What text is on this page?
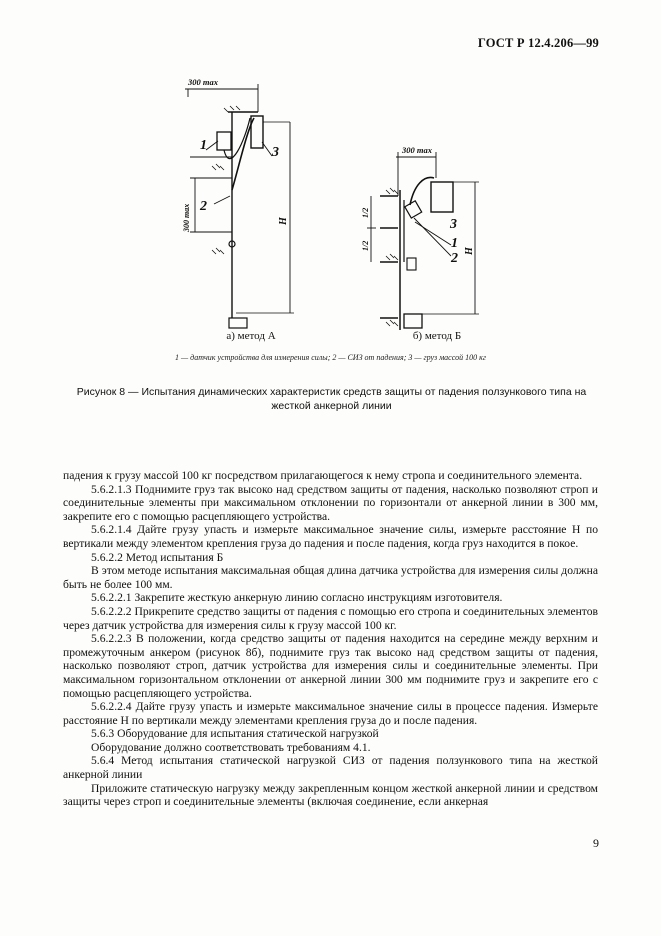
ГОСТ Р 12.4.206—99
300 max
300 max	H
1
2
3	300 max
1/2
1/2
H
3
1
2
а) метод А	б) метод Б
1 — датчик устройства для измерения силы; 2 — СИЗ от падения; 3 — груз массой 100 кг
Рисунок 8 — Испытания динамических характеристик средств защиты от падения ползункового типа на жесткой анкерной линии

падения к грузу массой 100 кг посредством прилагающегося к нему стропа и соединительного элемента.

5.6.2.1.3 Поднимите груз так высоко над средством защиты от падения, насколько позволяют строп и соединительные элементы при максимальном отклонении по горизонтали от анкерной линии в 300 мм, закрепите его с помощью расцепляющего устройства.

5.6.2.1.4 Дайте грузу упасть и измерьте максимальное значение силы, измерьте расстояние H по вертикали между элементом крепления груза до падения и после падения, когда груз находится в покое.

5.6.2.2 Метод испытания Б

В этом методе испытания максимальная общая длина датчика устройства для измерения силы должна быть не более 100 мм.

5.6.2.2.1 Закрепите жесткую анкерную линию согласно инструкциям изготовителя.

5.6.2.2.2 Прикрепите средство защиты от падения с помощью его стропа и соединительных элементов через датчик устройства для измерения силы к грузу массой 100 кг.

5.6.2.2.3 В положении, когда средство защиты от падения находится на середине между верхним и промежуточным анкером (рисунок 8б), поднимите груз так высоко над средством защиты от падения, насколько позволяют строп, датчик устройства для измерения силы и соединительные элементы. При максимальном горизонтальном отклонении от анкерной линии 300 мм поднимите груз и закрепите его с помощью расцепляющего устройства.

5.6.2.2.4 Дайте грузу упасть и измерьте максимальное значение силы в процессе падения. Измерьте расстояние H по вертикали между элементами крепления груза до и после падения.

5.6.3 Оборудование для испытания статической нагрузкой

Оборудование должно соответствовать требованиям 4.1.

5.6.4 Метод испытания статической нагрузкой СИЗ от падения ползункового типа на жесткой анкерной линии

Приложите статическую нагрузку между закрепленным концом жесткой анкерной линии и средством защиты через строп и соединительные элементы (включая соединение, если анкерная

9
